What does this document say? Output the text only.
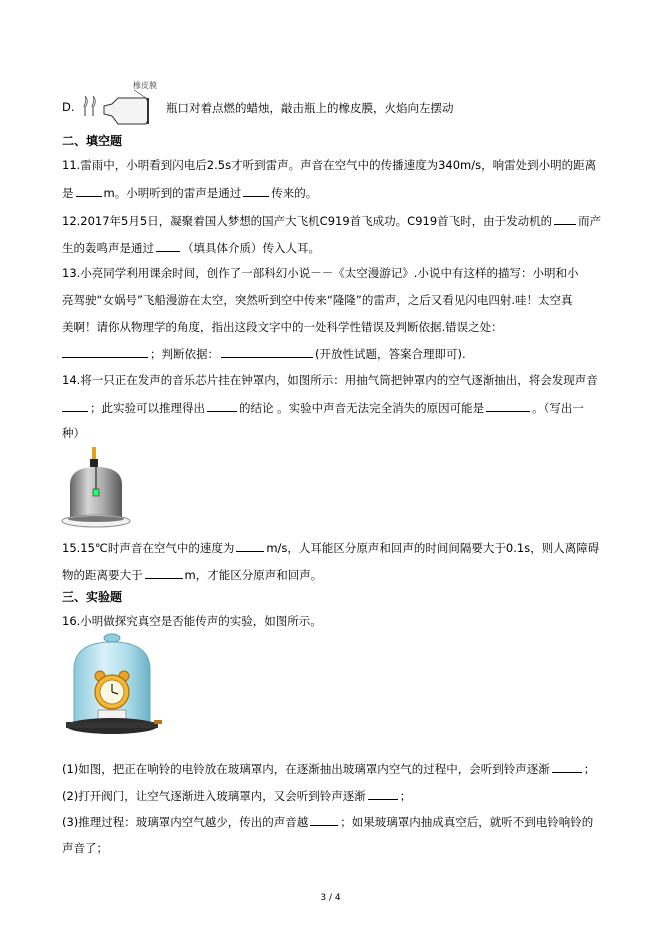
D.
橡皮膜
瓶口对着点燃的蜡烛，敲击瓶上的橡皮膜，火焰向左摆动
二、填空题
11.雷雨中，小明看到闪电后2.5s才听到雷声。声音在空气中的传播速度为340m/s，响雷处到小明的距离
是	m。小明听到的雷声是通过	传来的。
12.2017年5月5日，凝聚着国人梦想的国产大飞机C919首飞成功。C919首飞时，由于发动机的 而产
生的轰鸣声是通过 （填具体介质）传入人耳。
13.小亮同学利用课余时间，创作了一部科幻小说－－《太空漫游记》.小说中有这样的描写：小明和小
亮驾驶“女娲号”飞船漫游在太空，突然听到空中传来“隆隆”的雷声，之后又看见闪电四射.哇！太空真
美啊！请你从物理学的角度，指出这段文字中的一处科学性错误及判断依据.错误之处：
；判断依据：	(开放性试题，答案合理即可).
14.将一只正在发声的音乐芯片挂在钟罩内，如图所示：用抽气筒把钟罩内的空气逐渐抽出，将会发现声音
；此实验可以推理得出	的结论 。实验中声音无法完全消失的原因可能是	。（写出一
种）
15.15℃时声音在空气中的速度为	m/s，人耳能区分原声和回声的时间间隔要大于0.1s，则人离障碍
物的距离要大于	m，才能区分原声和回声。
三、实验题
16.小明做探究真空是否能传声的实验，如图所示。
(1)如图，把正在响铃的电铃放在玻璃罩内，在逐渐抽出玻璃罩内空气的过程中，会听到铃声逐渐	；
(2)打开阀门，让空气逐渐进入玻璃罩内，又会听到铃声逐渐	；
(3)推理过程：玻璃罩内空气越少，传出的声音越	；如果玻璃罩内抽成真空后，就听不到电铃响铃的
声音了；
3 / 4
